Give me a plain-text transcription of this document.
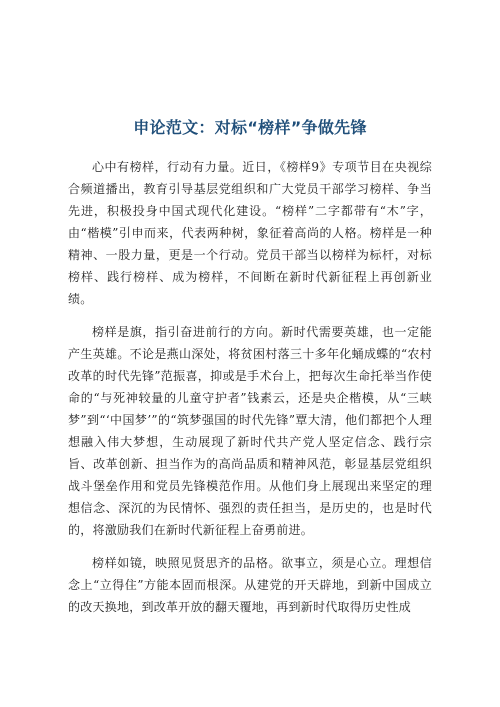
申论范文：对标“榜样”争做先锋

心中有榜样，行动有力量。近日，《榜样9》专项节目在央视综合频道播出，教育引导基层党组织和广大党员干部学习榜样、争当先进，积极投身中国式现代化建设。“榜样”二字都带有“木”字，由“楷模”引申而来，代表两种树，象征着高尚的人格。榜样是一种精神、一股力量，更是一个行动。党员干部当以榜样为标杆，对标榜样、践行榜样、成为榜样，不间断在新时代新征程上再创新业绩。

榜样是旗，指引奋进前行的方向。新时代需要英雄，也一定能产生英雄。不论是燕山深处，将贫困村落三十多年化蛹成蝶的“农村改革的时代先锋”范振喜，抑或是手术台上，把每次生命托举当作使命的“与死神较量的儿童守护者”钱素云，还是央企楷模，从“三峡梦”到“‘中国梦’”的“筑梦强国的时代先锋”覃大清，他们都把个人理想融入伟大梦想，生动展现了新时代共产党人坚定信念、践行宗旨、改革创新、担当作为的高尚品质和精神风范，彰显基层党组织战斗堡垒作用和党员先锋模范作用。从他们身上展现出来坚定的理想信念、深沉的为民情怀、强烈的责任担当，是历史的，也是时代的，将激励我们在新时代新征程上奋勇前进。

榜样如镜，映照见贤思齐的品格。欲事立，须是心立。理想信念上“立得住”方能本固而根深。从建党的开天辟地，到新中国成立的改天换地，到改革开放的翻天覆地，再到新时代取得历史性成
